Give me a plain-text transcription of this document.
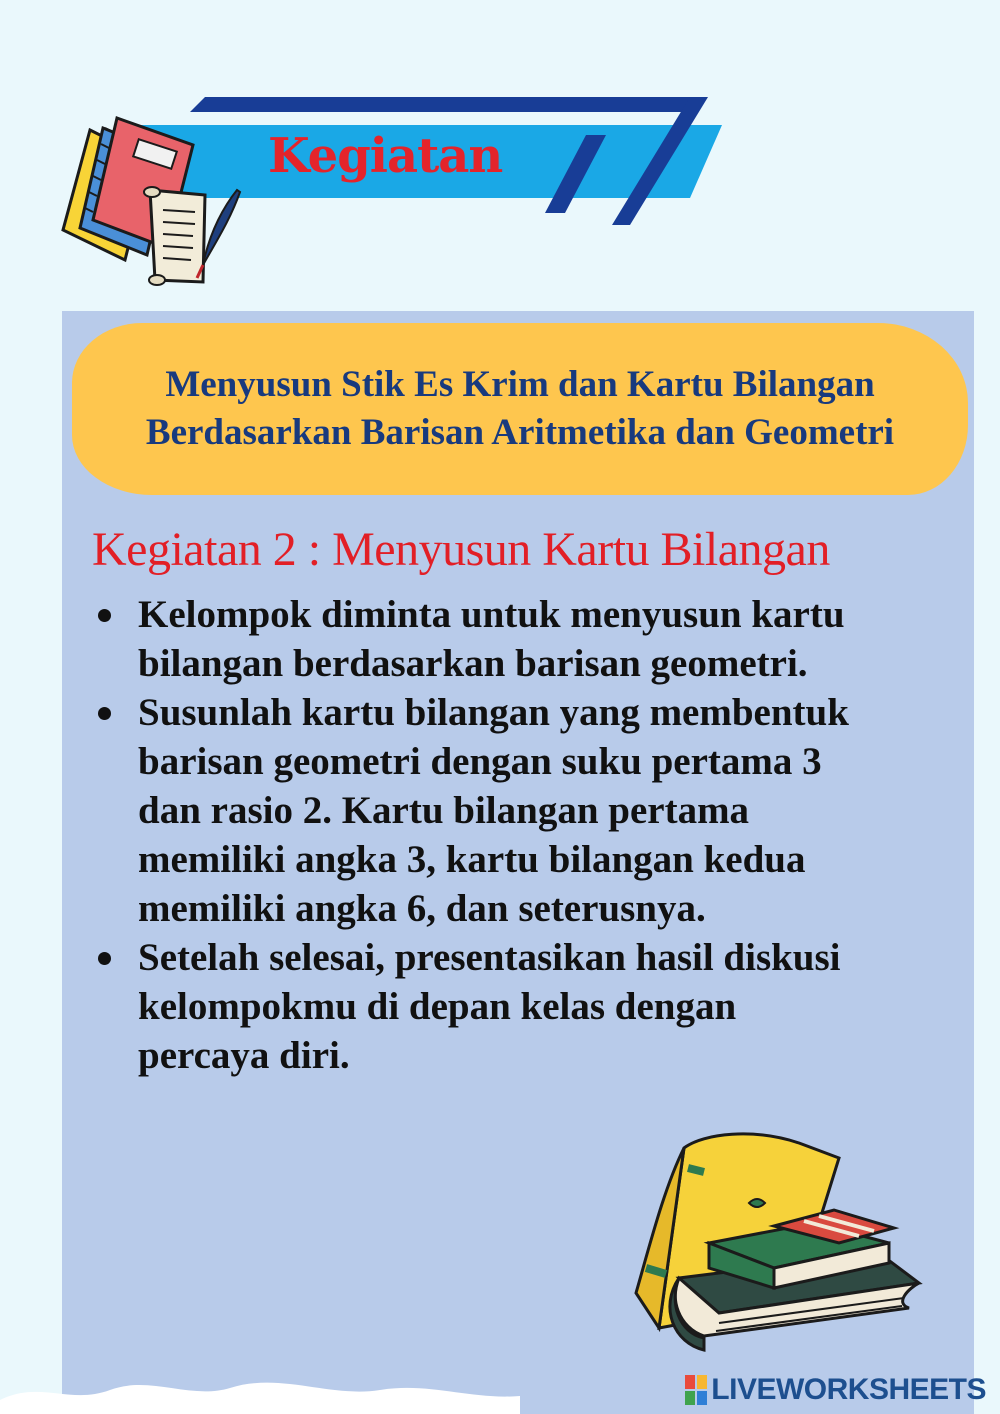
Kegiatan
Menyusun Stik Es Krim dan Kartu Bilangan
Berdasarkan Barisan Aritmetika dan Geometri
Kegiatan 2 : Menyusun Kartu Bilangan
Kelompok diminta untuk menyusun kartu
bilangan berdasarkan barisan geometri.
Susunlah kartu bilangan yang membentuk
barisan geometri dengan suku pertama 3
dan rasio 2. Kartu bilangan pertama
memiliki angka 3, kartu bilangan kedua
memiliki angka 6, dan seterusnya.
Setelah selesai, presentasikan hasil diskusi
kelompokmu di depan kelas dengan
percaya diri.
LIVEWORKSHEETS
